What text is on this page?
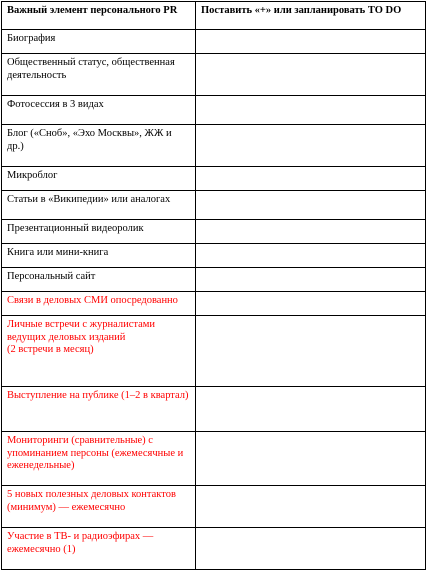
Важный элемент персонального PR	Поставить «+» или запланировать ТО DO
Биография	
Общественный статус, общественная деятельность	
Фотосессия в 3 видах	
Блог («Сноб», «Эхо Москвы», ЖЖ и др.)	
Микроблог	
Статьи в «Википедии» или аналогах	
Презентационный видеоролик	
Книга или мини-книга	
Персональный сайт	
Связи в деловых СМИ опосредованно	
Личные встречи с журналистами ведущих деловых изданий
(2 встречи в месяц)	
Выступление на публике (1–2 в квартал)	
Мониторинги (сравнительные) с упоминанием персоны (ежемесячные и еженедельные)	
5 новых полезных деловых контактов (минимум) — ежемесячно	
Участие в ТВ- и радиоэфирах — ежемесячно (1)	
